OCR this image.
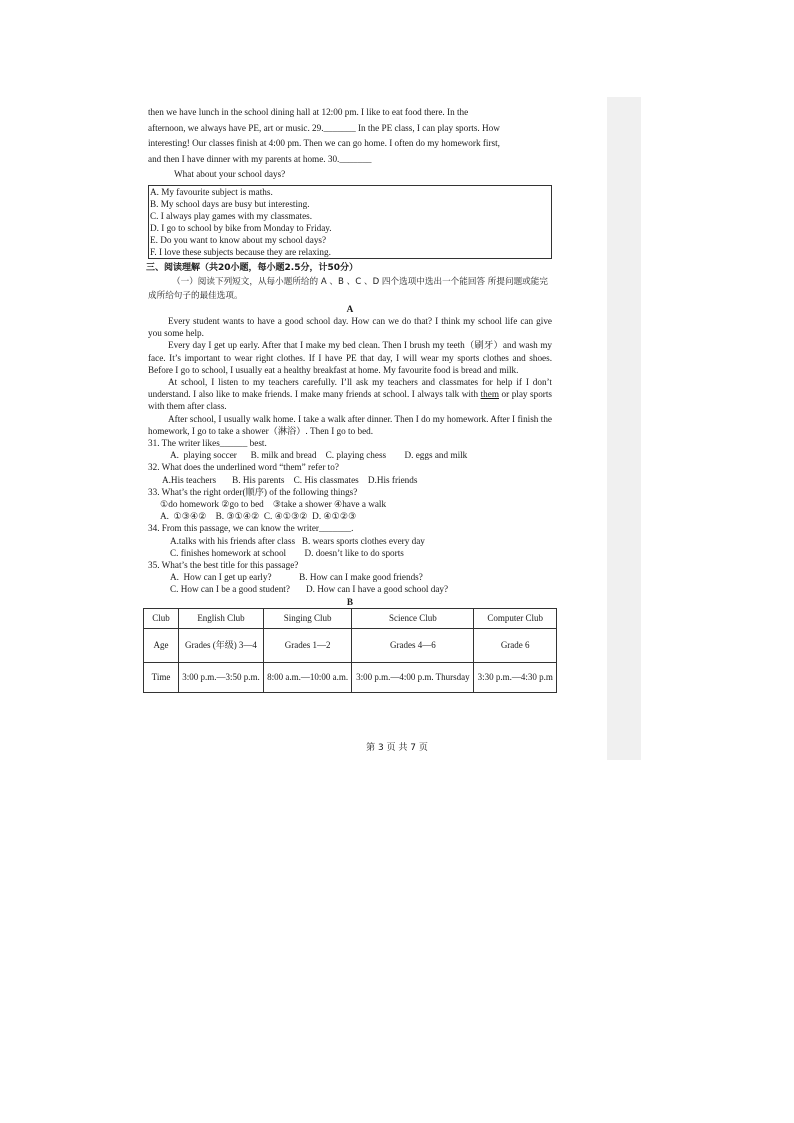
then we have lunch in the school dining hall at 12:00 pm. I like to eat food there. In the

afternoon, we always have PE, art or music. 29._______ In the PE class, I can play sports. How

interesting! Our classes finish at 4:00 pm. Then we can go home. I often do my homework first,

and then I have dinner with my parents at home. 30._______

What about your school days?

A. My favourite subject is maths.
B. My school days are busy but interesting.
C. I always play games with my classmates.
D. I go to school by bike from Monday to Friday.
E. Do you want to know about my school days?
F. I love these subjects because they are relaxing.
三、阅读理解（共20小题，每小题2.5分，计50分）
（一）阅读下列短文，从每小题所给的 A 、B 、C 、D 四个选项中选出一个能回答 所提问题或能完成所给句子的最佳选项。
A

Every student wants to have a good school day. How can we do that? I think my school life can give you some help.

Every day I get up early. After that I make my bed clean. Then I brush my teeth（刷牙）and wash my face. It’s important to wear right clothes. If I have PE that day, I will wear my sports clothes and shoes. Before I go to school, I usually eat a healthy breakfast at home. My favourite food is bread and milk.

At school, I listen to my teachers carefully. I’ll ask my teachers and classmates for help if I don’t understand. I also like to make friends. I make many friends at school. I always talk with them or play sports with them after class.

After school, I usually walk home. I take a walk after dinner. Then I do my homework. After I finish the homework, I go to take a shower（淋浴）. Then I go to bed.

31. The writer likes______ best.

A.  playing soccer      B. milk and bread    C. playing chess        D. eggs and milk

32. What does the underlined word “them” refer to?

A.His teachers       B. His parents    C. His classmates    D.His friends

33. What’s the right order(顺序) of the following things?

①do homework ②go to bed    ③take a shower ④have a walk

A.  ①③④②    B. ③①④②  C. ④①③②  D. ④①②③

34. From this passage, we can know the writer_______.

A.talks with his friends after class   B. wears sports clothes every day

C. finishes homework at school        D. doesn’t like to do sports

35. What’s the best title for this passage?

A.  How can I get up early?            B. How can I make good friends?

C. How can I be a good student?       D. How can I have a good school day?

B
Club	English Club	Singing Club	Science Club	Computer Club
Age	Grades (年级) 3—4	Grades 1—2	Grades 4—6	Grade 6
Time	3:00 p.m.—3:50 p.m.	8:00 a.m.—10:00 a.m.	3:00 p.m.—4:00 p.m. Thursday	3:30 p.m.—4:30 p.m
第 3 页 共 7 页
